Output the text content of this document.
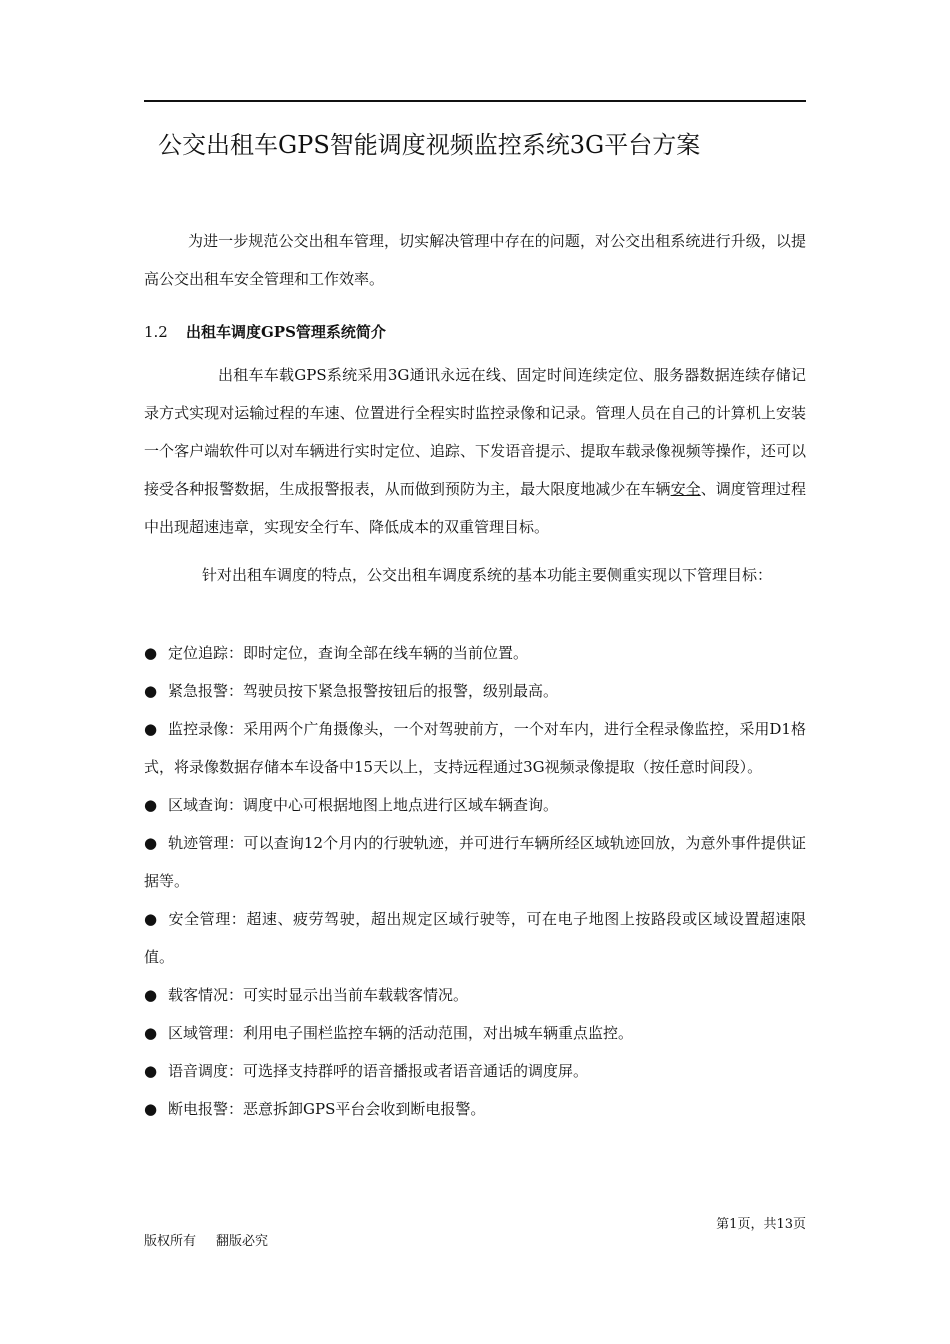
公交出租车GPS智能调度视频监控系统3G平台方案

为进一步规范公交出租车管理，切实解决管理中存在的问题，对公交出租系统进行升级，以提高公交出租车安全管理和工作效率。

1.2 出租车调度GPS管理系统简介

出租车车载GPS系统采用3G通讯永远在线、固定时间连续定位、服务器数据连续存储记录方式实现对运输过程的车速、位置进行全程实时监控录像和记录。管理人员在自己的计算机上安装一个客户端软件可以对车辆进行实时定位、追踪、下发语音提示、提取车载录像视频等操作，还可以接受各种报警数据，生成报警报表，从而做到预防为主，最大限度地减少在车辆安全、调度管理过程中出现超速违章，实现安全行车、降低成本的双重管理目标。

针对出租车调度的特点，公交出租车调度系统的基本功能主要侧重实现以下管理目标：

● 定位追踪：即时定位，查询全部在线车辆的当前位置。
● 紧急报警：驾驶员按下紧急报警按钮后的报警，级别最高。
● 监控录像：采用两个广角摄像头，一个对驾驶前方，一个对车内，进行全程录像监控，采用D1格式，将录像数据存储本车设备中15天以上，支持远程通过3G视频录像提取（按任意时间段）。
● 区域查询：调度中心可根据地图上地点进行区域车辆查询。
● 轨迹管理：可以查询12个月内的行驶轨迹，并可进行车辆所经区域轨迹回放，为意外事件提供证据等。
● 安全管理：超速、疲劳驾驶，超出规定区域行驶等，可在电子地图上按路段或区域设置超速限值。
● 载客情况：可实时显示出当前车载载客情况。
● 区域管理：利用电子围栏监控车辆的活动范围，对出城车辆重点监控。
● 语音调度：可选择支持群呼的语音播报或者语音通话的调度屏。
● 断电报警：恶意拆卸GPS平台会收到断电报警。
第1页，共13页
版权所有 翻版必究
